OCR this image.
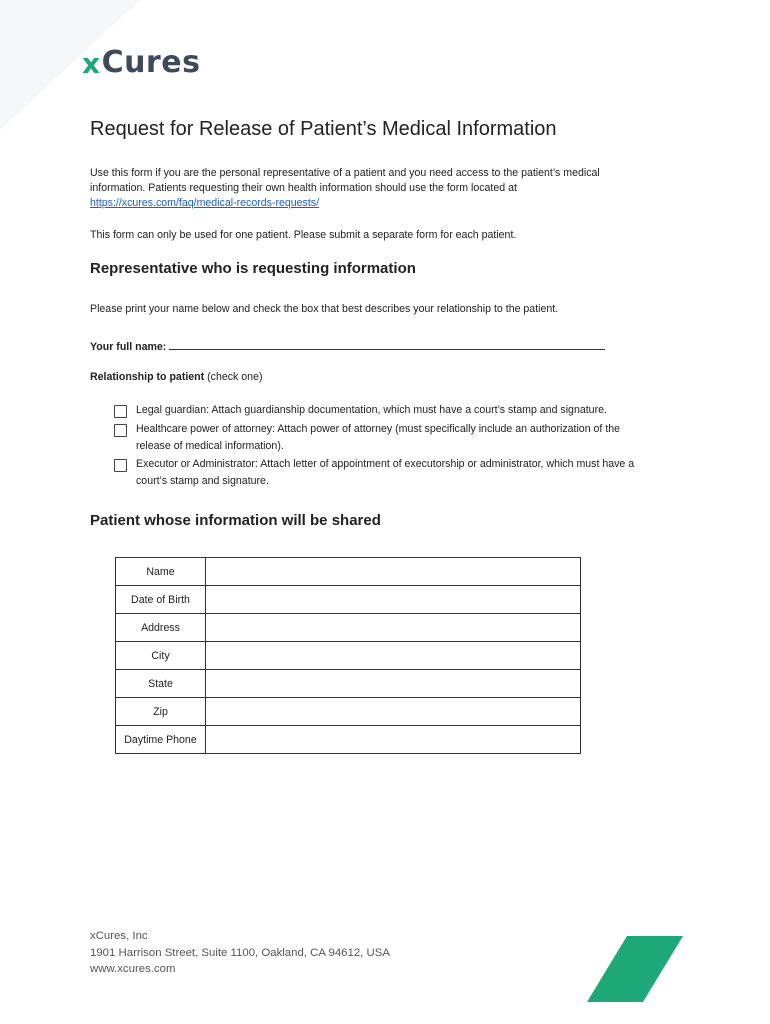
x Cures
Request for Release of Patient’s Medical Information
Use this form if you are the personal representative of a patient and you need access to the patient’s medical
information. Patients requesting their own health information should use the form located at
https://xcures.com/faq/medical-records-requests/
This form can only be used for one patient. Please submit a separate form for each patient.
Representative who is requesting information
Please print your name below and check the box that best describes your relationship to the patient.
Your full name:
Relationship to patient (check one)
Legal guardian: Attach guardianship documentation, which must have a court’s stamp and signature.
Healthcare power of attorney: Attach power of attorney (must specifically include an authorization of the
release of medical information).
Executor or Administrator: Attach letter of appointment of executorship or administrator, which must have a
court’s stamp and signature.
Patient whose information will be shared
Name	
Date of Birth	
Address	
City	
State	
Zip	
Daytime Phone	
xCures, Inc
1901 Harrison Street, Suite 1100, Oakland, CA 94612, USA
www.xcures.com
